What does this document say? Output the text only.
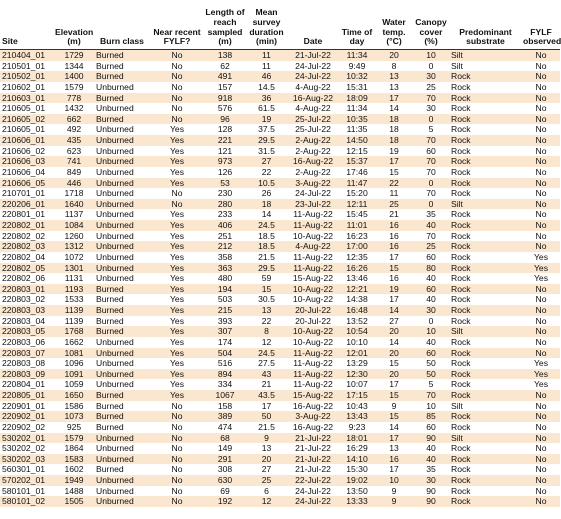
Site	Elevation (m)	Burn class	Near recent FYLF?	Length of reach sampled (m)	Mean survey duration (min)	Date	Time of day	Water temp. (°C)	Canopy cover (%)	Predominant substrate	FYLF observed
210404_01	1729	Burned	No	138	11	21-Jul-22	11:34	20	10	Silt	No
210501_01	1344	Burned	No	62	11	24-Jul-22	9:49	8	0	Silt	No
210502_01	1400	Burned	No	491	46	24-Jul-22	10:32	13	30	Rock	No
210602_01	1579	Unburned	No	157	14.5	4-Aug-22	15:31	13	25	Rock	No
210603_01	778	Burned	No	918	36	16-Aug-22	18:09	17	70	Rock	No
210605_01	1432	Unburned	No	576	61.5	4-Aug-22	11:34	14	30	Rock	No
210605_02	662	Burned	No	96	19	25-Jul-22	10:35	18	0	Rock	No
210605_01	492	Unburned	Yes	128	37.5	25-Jul-22	11:35	18	5	Rock	No
210606_01	435	Unburned	Yes	221	29.5	2-Aug-22	14:50	18	70	Rock	No
210606_02	623	Unburned	Yes	121	31.5	2-Aug-22	12:15	19	60	Rock	No
210606_03	741	Unburned	Yes	973	27	16-Aug-22	15:37	17	70	Rock	No
210606_04	849	Unburned	Yes	126	22	2-Aug-22	17:46	15	70	Rock	No
210606_05	446	Unburned	Yes	53	10.5	3-Aug-22	11:47	22	0	Rock	No
210701_01	1718	Unburned	No	230	26	24-Jul-22	15:20	11	70	Rock	No
220206_01	1640	Unburned	No	280	18	23-Jul-22	12:11	25	0	Silt	No
220801_01	1137	Unburned	Yes	233	14	11-Aug-22	15:45	21	35	Rock	No
220802_01	1084	Unburned	Yes	406	24.5	11-Aug-22	11:01	16	40	Rock	No
220802_02	1260	Unburned	Yes	251	18.5	10-Aug-22	16:23	16	70	Rock	No
220802_03	1312	Unburned	Yes	212	18.5	4-Aug-22	17:00	16	25	Rock	No
220802_04	1072	Unburned	Yes	358	21.5	11-Aug-22	12:35	17	60	Rock	Yes
220802_05	1301	Unburned	Yes	363	29.5	11-Aug-22	16:26	15	80	Rock	Yes
220802_06	1131	Unburned	Yes	480	59	15-Aug-22	13:46	16	40	Rock	Yes
220803_01	1193	Burned	Yes	194	15	10-Aug-22	12:21	19	60	Rock	No
220803_02	1533	Burned	Yes	503	30.5	10-Aug-22	14:38	17	40	Rock	No
220803_03	1139	Burned	Yes	215	13	20-Jul-22	16:48	14	30	Rock	No
220803_04	1139	Burned	Yes	393	22	20-Jul-22	13:52	27	0	Rock	No
220803_05	1768	Burned	Yes	307	8	10-Aug-22	10:54	20	10	Silt	No
220803_06	1662	Unburned	Yes	174	12	10-Aug-22	10:10	14	40	Rock	No
220803_07	1081	Unburned	Yes	504	24.5	11-Aug-22	12:01	20	60	Rock	No
220803_08	1096	Unburned	Yes	516	27.5	11-Aug-22	13:29	15	50	Rock	Yes
220803_09	1091	Unburned	Yes	894	43	11-Aug-22	12:30	20	50	Rock	Yes
220804_01	1059	Unburned	Yes	334	21	11-Aug-22	10:07	17	5	Rock	Yes
220805_01	1650	Burned	Yes	1067	43.5	15-Aug-22	17:15	15	70	Rock	No
220901_01	1586	Burned	No	158	17	16-Aug-22	10:43	9	10	Silt	No
220902_01	1073	Burned	No	389	50	3-Aug-22	13:43	15	85	Rock	No
220902_02	925	Burned	No	474	21.5	16-Aug-22	9:23	14	60	Rock	No
530202_01	1579	Unburned	No	68	9	21-Jul-22	18:01	17	90	Silt	No
530202_02	1864	Unburned	No	149	13	21-Jul-22	16:29	13	40	Rock	No
530202_03	1583	Unburned	No	291	20	21-Jul-22	14:10	16	40	Rock	No
560301_01	1602	Burned	No	308	27	21-Jul-22	15:30	17	35	Rock	No
570202_01	1949	Unburned	No	630	25	22-Jul-22	19:02	10	30	Rock	No
580101_01	1488	Unburned	No	69	6	24-Jul-22	13:50	9	90	Rock	No
580101_02	1505	Unburned	No	192	12	24-Jul-22	13:33	9	90	Rock	No
